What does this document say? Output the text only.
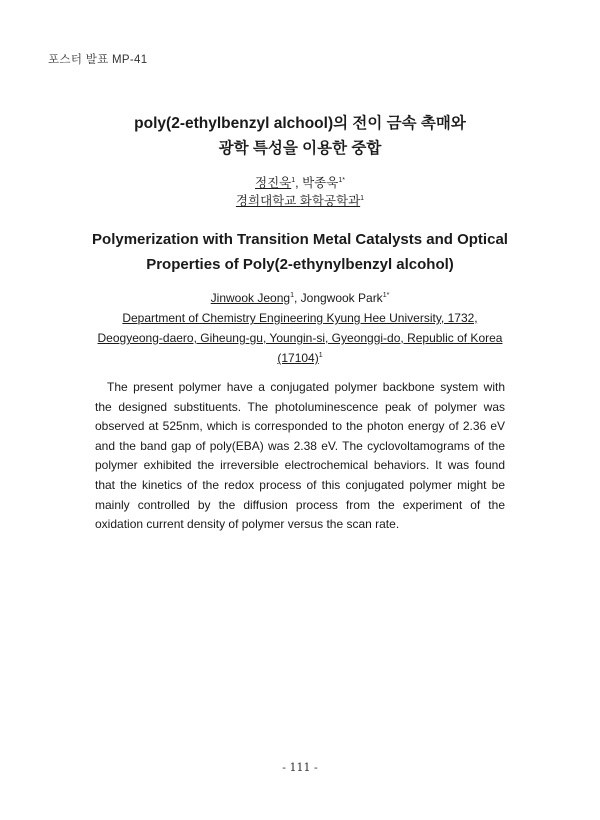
포스터 발표 MP-41
poly(2-ethylbenzyl alchool)의 전이 금속 촉매와
광학 특성을 이용한 중합
정진욱$^1$, 박종욱$^{1*}$
경희대학교 화학공학과$^1$
Polymerization with Transition Metal Catalysts and Optical
Properties of Poly(2-ethynylbenzyl alcohol)
Jinwook Jeong$^1$, Jongwook Park$^{1*}$
Department of Chemistry Engineering Kyung Hee University, 1732,
Deogyeong-daero, Giheung-gu, Youngin-si, Gyeonggi-do, Republic of Korea
$(17104)^1$

The present polymer have a conjugated polymer backbone system with the designed substituents. The photoluminescence peak of polymer was observed at 525nm, which is corresponded to the photon energy of 2.36 eV and the band gap of poly(EBA) was 2.38 eV. The cyclovoltamograms of the polymer exhibited the irreversible electrochemical behaviors. It was found that the kinetics of the redox process of this conjugated polymer might be mainly controlled by the diffusion process from the experiment of the oxidation current density of polymer versus the scan rate.

- 111 -
